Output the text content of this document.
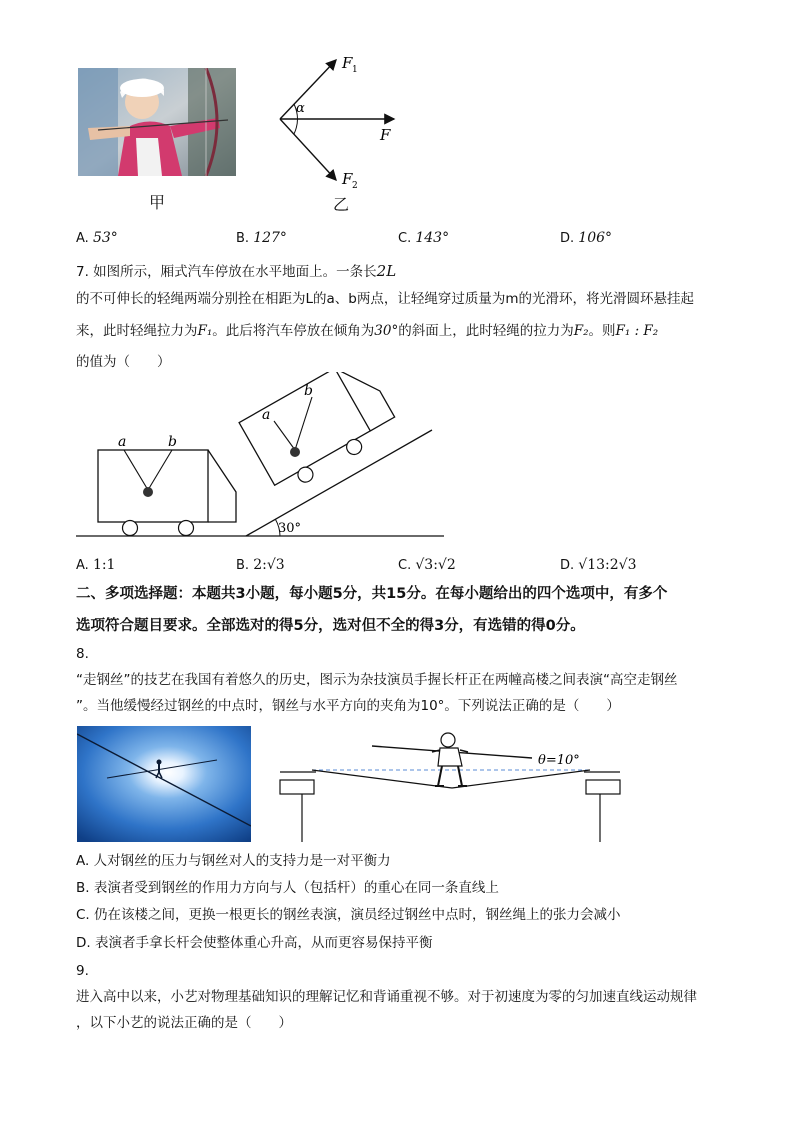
甲
F 1
F
F 2
α
乙
A. 53°	B. 127°	C. 143°	D. 106°
7. 如图所示，厢式汽车停放在水平地面上。一条长2L
的不可伸长的轻绳两端分别拴在相距为L的a、b两点，让轻绳穿过质量为m的光滑环，将光滑圆环悬挂起
来，此时轻绳拉力为F₁。此后将汽车停放在倾角为30°的斜面上，此时轻绳的拉力为F₂。则F₁ : F₂
的值为（　　）
a	b
30°
a
b
A. 1:1	B. 2:√3	C. √3:√2	D. √13:2√3
二、多项选择题：本题共3小题，每小题5分，共15分。在每小题给出的四个选项中，有多个
选项符合题目要求。全部选对的得5分，选对但不全的得3分，有选错的得0分。
8.
“走钢丝”的技艺在我国有着悠久的历史，图示为杂技演员手握长杆正在两幢高楼之间表演“高空走钢丝
”。当他缓慢经过钢丝的中点时，钢丝与水平方向的夹角为10°。下列说法正确的是（　　）
θ=10°
A. 人对钢丝的压力与钢丝对人的支持力是一对平衡力
B. 表演者受到钢丝的作用力方向与人（包括杆）的重心在同一条直线上
C. 仍在该楼之间，更换一根更长的钢丝表演，演员经过钢丝中点时，钢丝绳上的张力会减小
D. 表演者手拿长杆会使整体重心升高，从而更容易保持平衡
9.
进入高中以来，小艺对物理基础知识的理解记忆和背诵重视不够。对于初速度为零的匀加速直线运动规律
，以下小艺的说法正确的是（　　）
